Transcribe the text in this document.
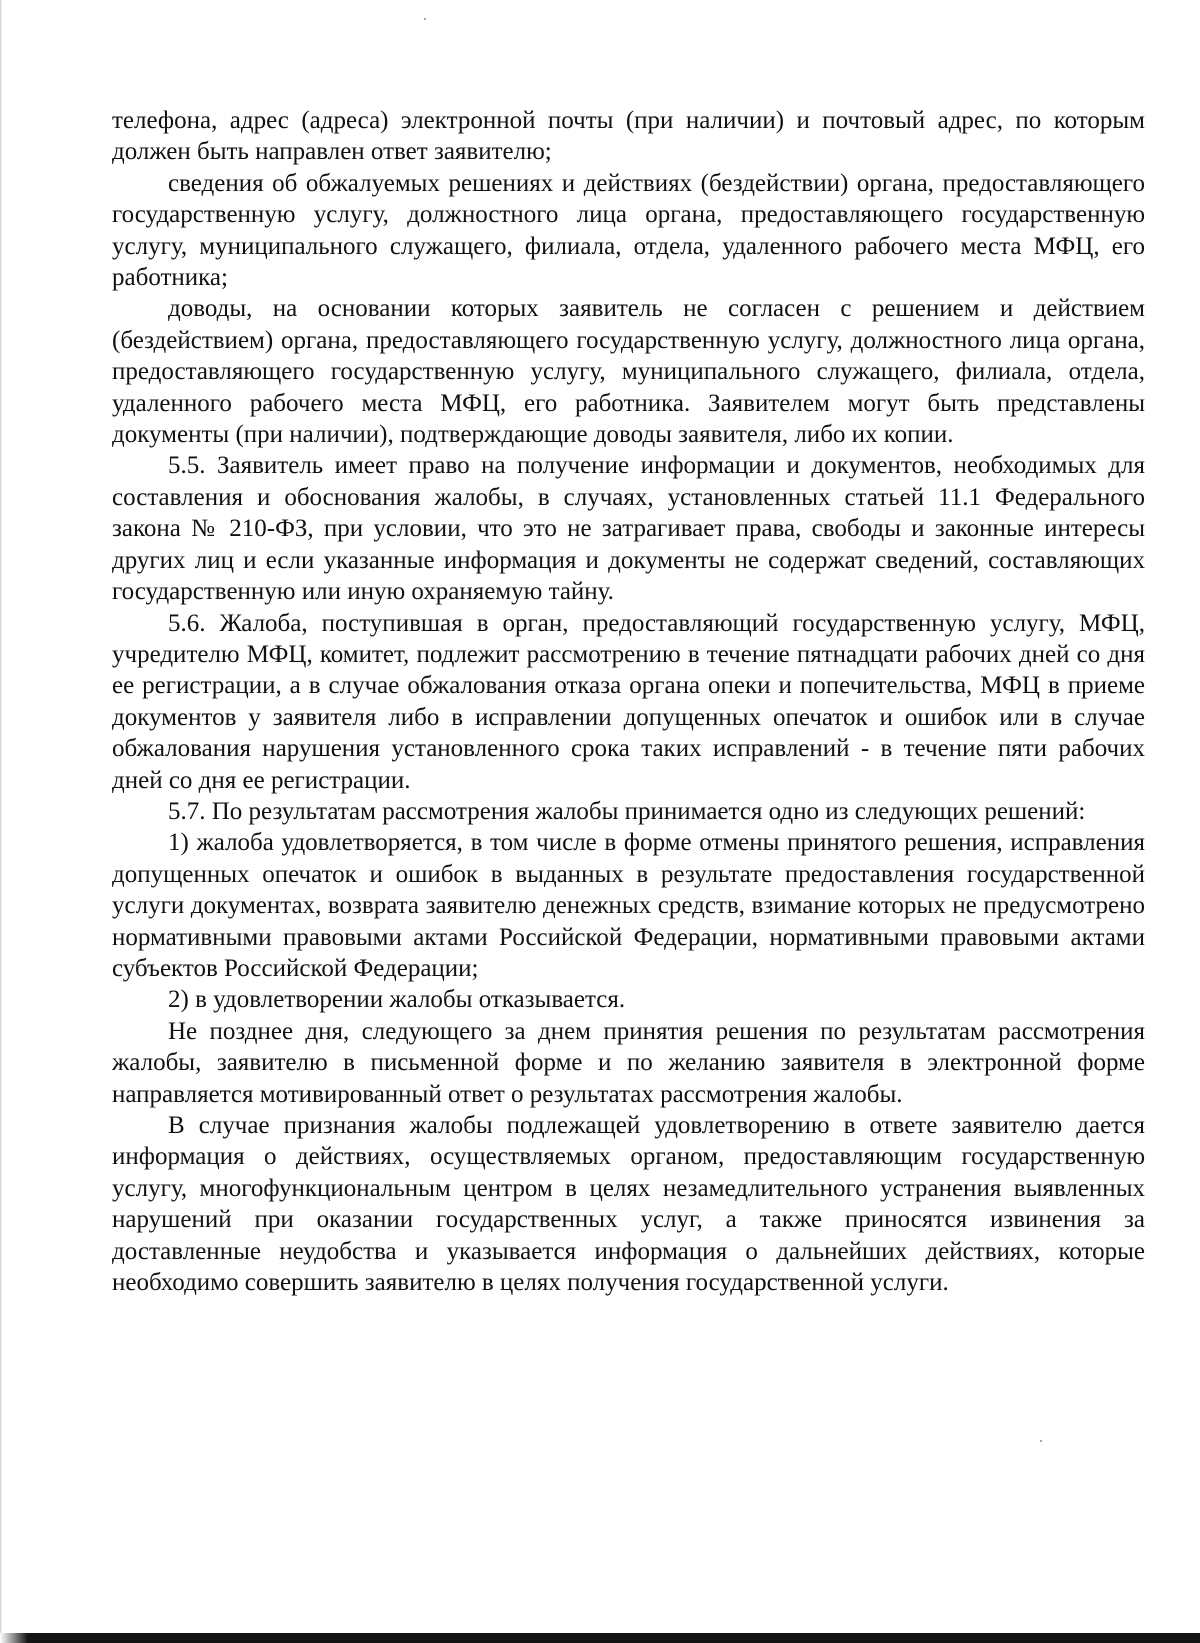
телефона, адрес (адреса) электронной почты (при наличии) и почтовый адрес, по которым должен быть направлен ответ заявителю;

сведения об обжалуемых решениях и действиях (бездействии) органа, предоставляющего государственную услугу, должностного лица органа, предоставляющего государственную услугу, муниципального служащего, филиала, отдела, удаленного рабочего места МФЦ, его работника;

доводы, на основании которых заявитель не согласен с решением и действием (бездействием) органа, предоставляющего государственную услугу, должностного лица органа, предоставляющего государственную услугу, муниципального служащего, филиала, отдела, удаленного рабочего места МФЦ, его работника. Заявителем могут быть представлены документы (при наличии), подтверждающие доводы заявителя, либо их копии.

5.5. Заявитель имеет право на получение информации и документов, необходимых для составления и обоснования жалобы, в случаях, установленных статьей 11.1 Федерального закона № 210-ФЗ, при условии, что это не затрагивает права, свободы и законные интересы других лиц и если указанные информация и документы не содержат сведений, составляющих государственную или иную охраняемую тайну.

5.6. Жалоба, поступившая в орган, предоставляющий государственную услугу, МФЦ, учредителю МФЦ, комитет, подлежит рассмотрению в течение пятнадцати рабочих дней со дня ее регистрации, а в случае обжалования отказа органа опеки и попечительства, МФЦ в приеме документов у заявителя либо в исправлении допущенных опечаток и ошибок или в случае обжалования нарушения установленного срока таких исправлений - в течение пяти рабочих дней со дня ее регистрации.

5.7. По результатам рассмотрения жалобы принимается одно из следующих решений:

1) жалоба удовлетворяется, в том числе в форме отмены принятого решения, исправления допущенных опечаток и ошибок в выданных в результате предоставления государственной услуги документах, возврата заявителю денежных средств, взимание которых не предусмотрено нормативными правовыми актами Российской Федерации, нормативными правовыми актами субъектов Российской Федерации;

2) в удовлетворении жалобы отказывается.

Не позднее дня, следующего за днем принятия решения по результатам рассмотрения жалобы, заявителю в письменной форме и по желанию заявителя в электронной форме направляется мотивированный ответ о результатах рассмотрения жалобы.

В случае признания жалобы подлежащей удовлетворению в ответе заявителю дается информация о действиях, осуществляемых органом, предоставляющим государственную услугу, многофункциональным центром в целях незамедлительного устранения выявленных нарушений при оказании государственных услуг, а также приносятся извинения за доставленные неудобства и указывается информация о дальнейших действиях, которые необходимо совершить заявителю в целях получения государственной услуги.
